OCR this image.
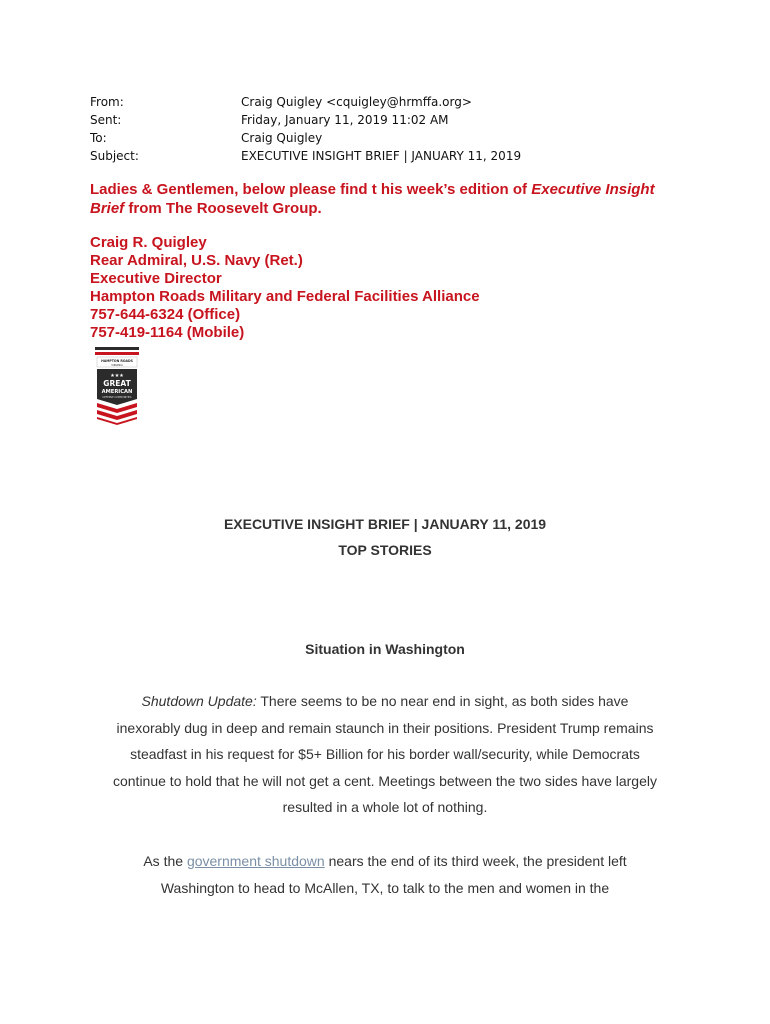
From:	Craig Quigley <cquigley@hrmffa.org>
Sent:	Friday, January 11, 2019 11:02 AM
To:	Craig Quigley
Subject:	EXECUTIVE INSIGHT BRIEF | JANUARY 11, 2019
Ladies & Gentlemen, below please find t his week’s edition of Executive Insight Brief from The Roosevelt Group.
Craig R. Quigley
Rear Admiral, U.S. Navy (Ret.)
Executive Director
Hampton Roads Military and Federal Facilities Alliance
757-644-6324 (Office)
757-419-1164 (Mobile)
HAMPTON ROADS
VIRGINIA
★★★
GREAT
AMERICAN
DEFENSE COMMUNITIES
EXECUTIVE INSIGHT BRIEF | JANUARY 11, 2019
TOP STORIES
Situation in Washington
Shutdown Update: There seems to be no near end in sight, as both sides have inexorably dug in deep and remain staunch in their positions. President Trump remains steadfast in his request for $5+ Billion for his border wall/security, while Democrats continue to hold that he will not get a cent. Meetings between the two sides have largely resulted in a whole lot of nothing.
As the government shutdown nears the end of its third week, the president left Washington to head to McAllen, TX, to talk to the men and women in the
